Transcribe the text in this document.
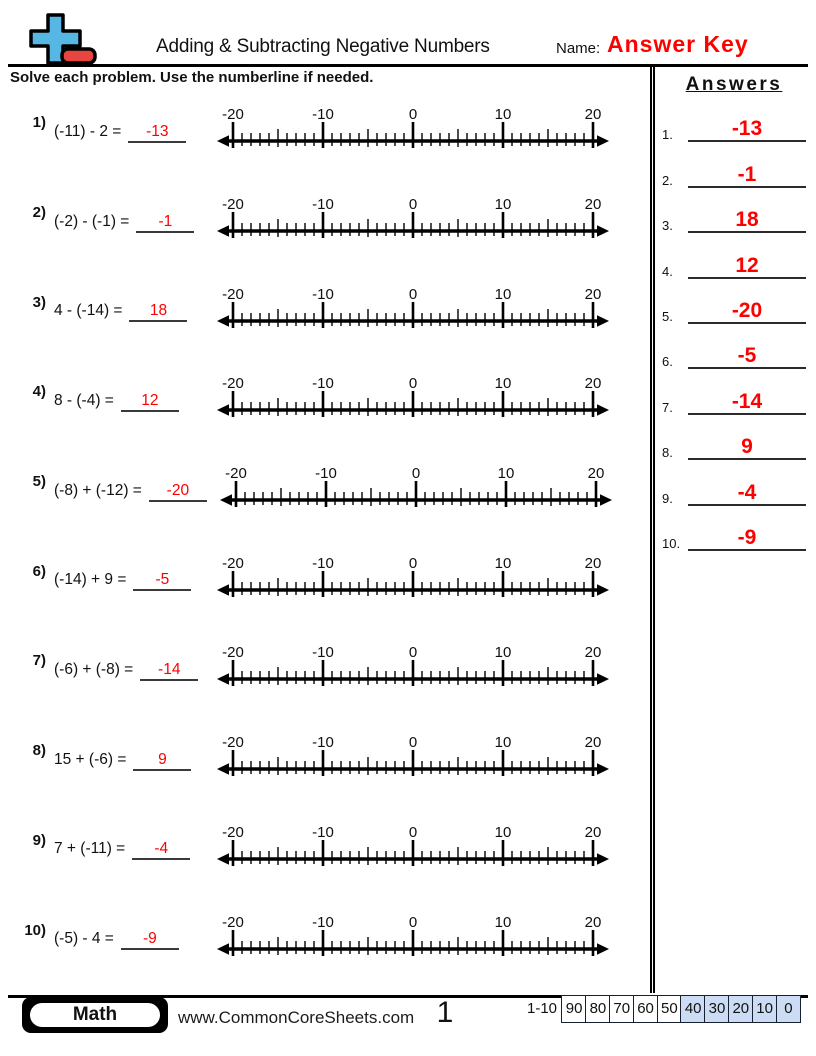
Adding & Subtracting Negative Numbers	Name: Answer Key
Solve each problem. Use the numberline if needed.
1) (-11) - 2 =	-13
-20	-10	0	10	20
2) (-2) - (-1) =	-1
-20	-10	0	10	20
3) 4 - (-14) =	18
-20	-10	0	10	20
4) 8 - (-4) =	12
-20	-10	0	10	20
5) (-8) + (-12) =	-20
-20	-10	0	10	20
6) (-14) + 9 =	-5
-20	-10	0	10	20
7) (-6) + (-8) =	-14
-20	-10	0	10	20
8) 15 + (-6) =	9
-20	-10	0	10	20
9) 7 + (-11) =	-4
-20	-10	0	10	20
10) (-5) - 4 =	-9
-20	-10	0	10	20
Answers
1.	-13
2.	-1
3.	18
4.	12
5.	-20
6.	-5
7.	-14
8.	9
9.	-4
10.	-9
Math	www.CommonCoreSheets.com 1	1-10 90 80 70 60 50 40 30 20 10 0
